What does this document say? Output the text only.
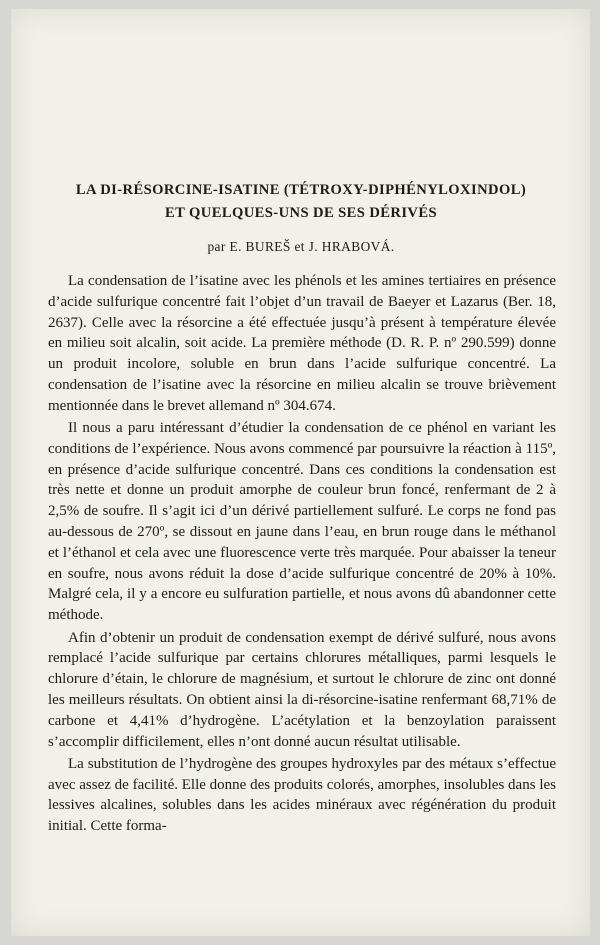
LA DI-RÉSORCINE-ISATINE (TÉTROXY-DIPHÉNYLOXINDOL)
ET QUELQUES-UNS DE SES DÉRIVÉS

par E. BUREŠ et J. HRABOVÁ.

La condensation de l’isatine avec les phénols et les amines tertiaires en présence d’acide sulfurique concentré fait l’objet d’un travail de Baeyer et Lazarus (Ber. 18, 2637). Celle avec la résorcine a été effectuée jusqu’à présent à température élevée en milieu soit alcalin, soit acide. La première méthode (D. R. P. nº 290.599) donne un produit incolore, soluble en brun dans l’acide sulfurique concentré. La condensation de l’isatine avec la résorcine en milieu alcalin se trouve brièvement mentionnée dans le brevet allemand nº 304.674.

Il nous a paru intéressant d’étudier la condensation de ce phénol en variant les conditions de l’expérience. Nous avons commencé par poursuivre la réaction à 115º, en présence d’acide sulfurique concentré. Dans ces conditions la condensation est très nette et donne un produit amorphe de couleur brun foncé, renfermant de 2 à 2,5% de soufre. Il s’agit ici d’un dérivé partiellement sulfuré. Le corps ne fond pas au-dessous de 270º, se dissout en jaune dans l’eau, en brun rouge dans le méthanol et l’éthanol et cela avec une fluorescence verte très marquée. Pour abaisser la teneur en soufre, nous avons réduit la dose d’acide sulfurique concentré de 20% à 10%. Malgré cela, il y a encore eu sulfuration partielle, et nous avons dû abandonner cette méthode.

Afin d’obtenir un produit de condensation exempt de dérivé sulfuré, nous avons remplacé l’acide sulfurique par certains chlorures métalliques, parmi lesquels le chlorure d’étain, le chlorure de magnésium, et surtout le chlorure de zinc ont donné les meilleurs résultats. On obtient ainsi la di-résorcine-isatine renfermant 68,71% de carbone et 4,41% d’hydrogène. L’acétylation et la benzoylation paraissent s’accomplir difficilement, elles n’ont donné aucun résultat utilisable.

La substitution de l’hydrogène des groupes hydroxyles par des métaux s’effectue avec assez de facilité. Elle donne des produits colorés, amorphes, insolubles dans les lessives alcalines, solubles dans les acides minéraux avec régénération du produit initial. Cette forma-
